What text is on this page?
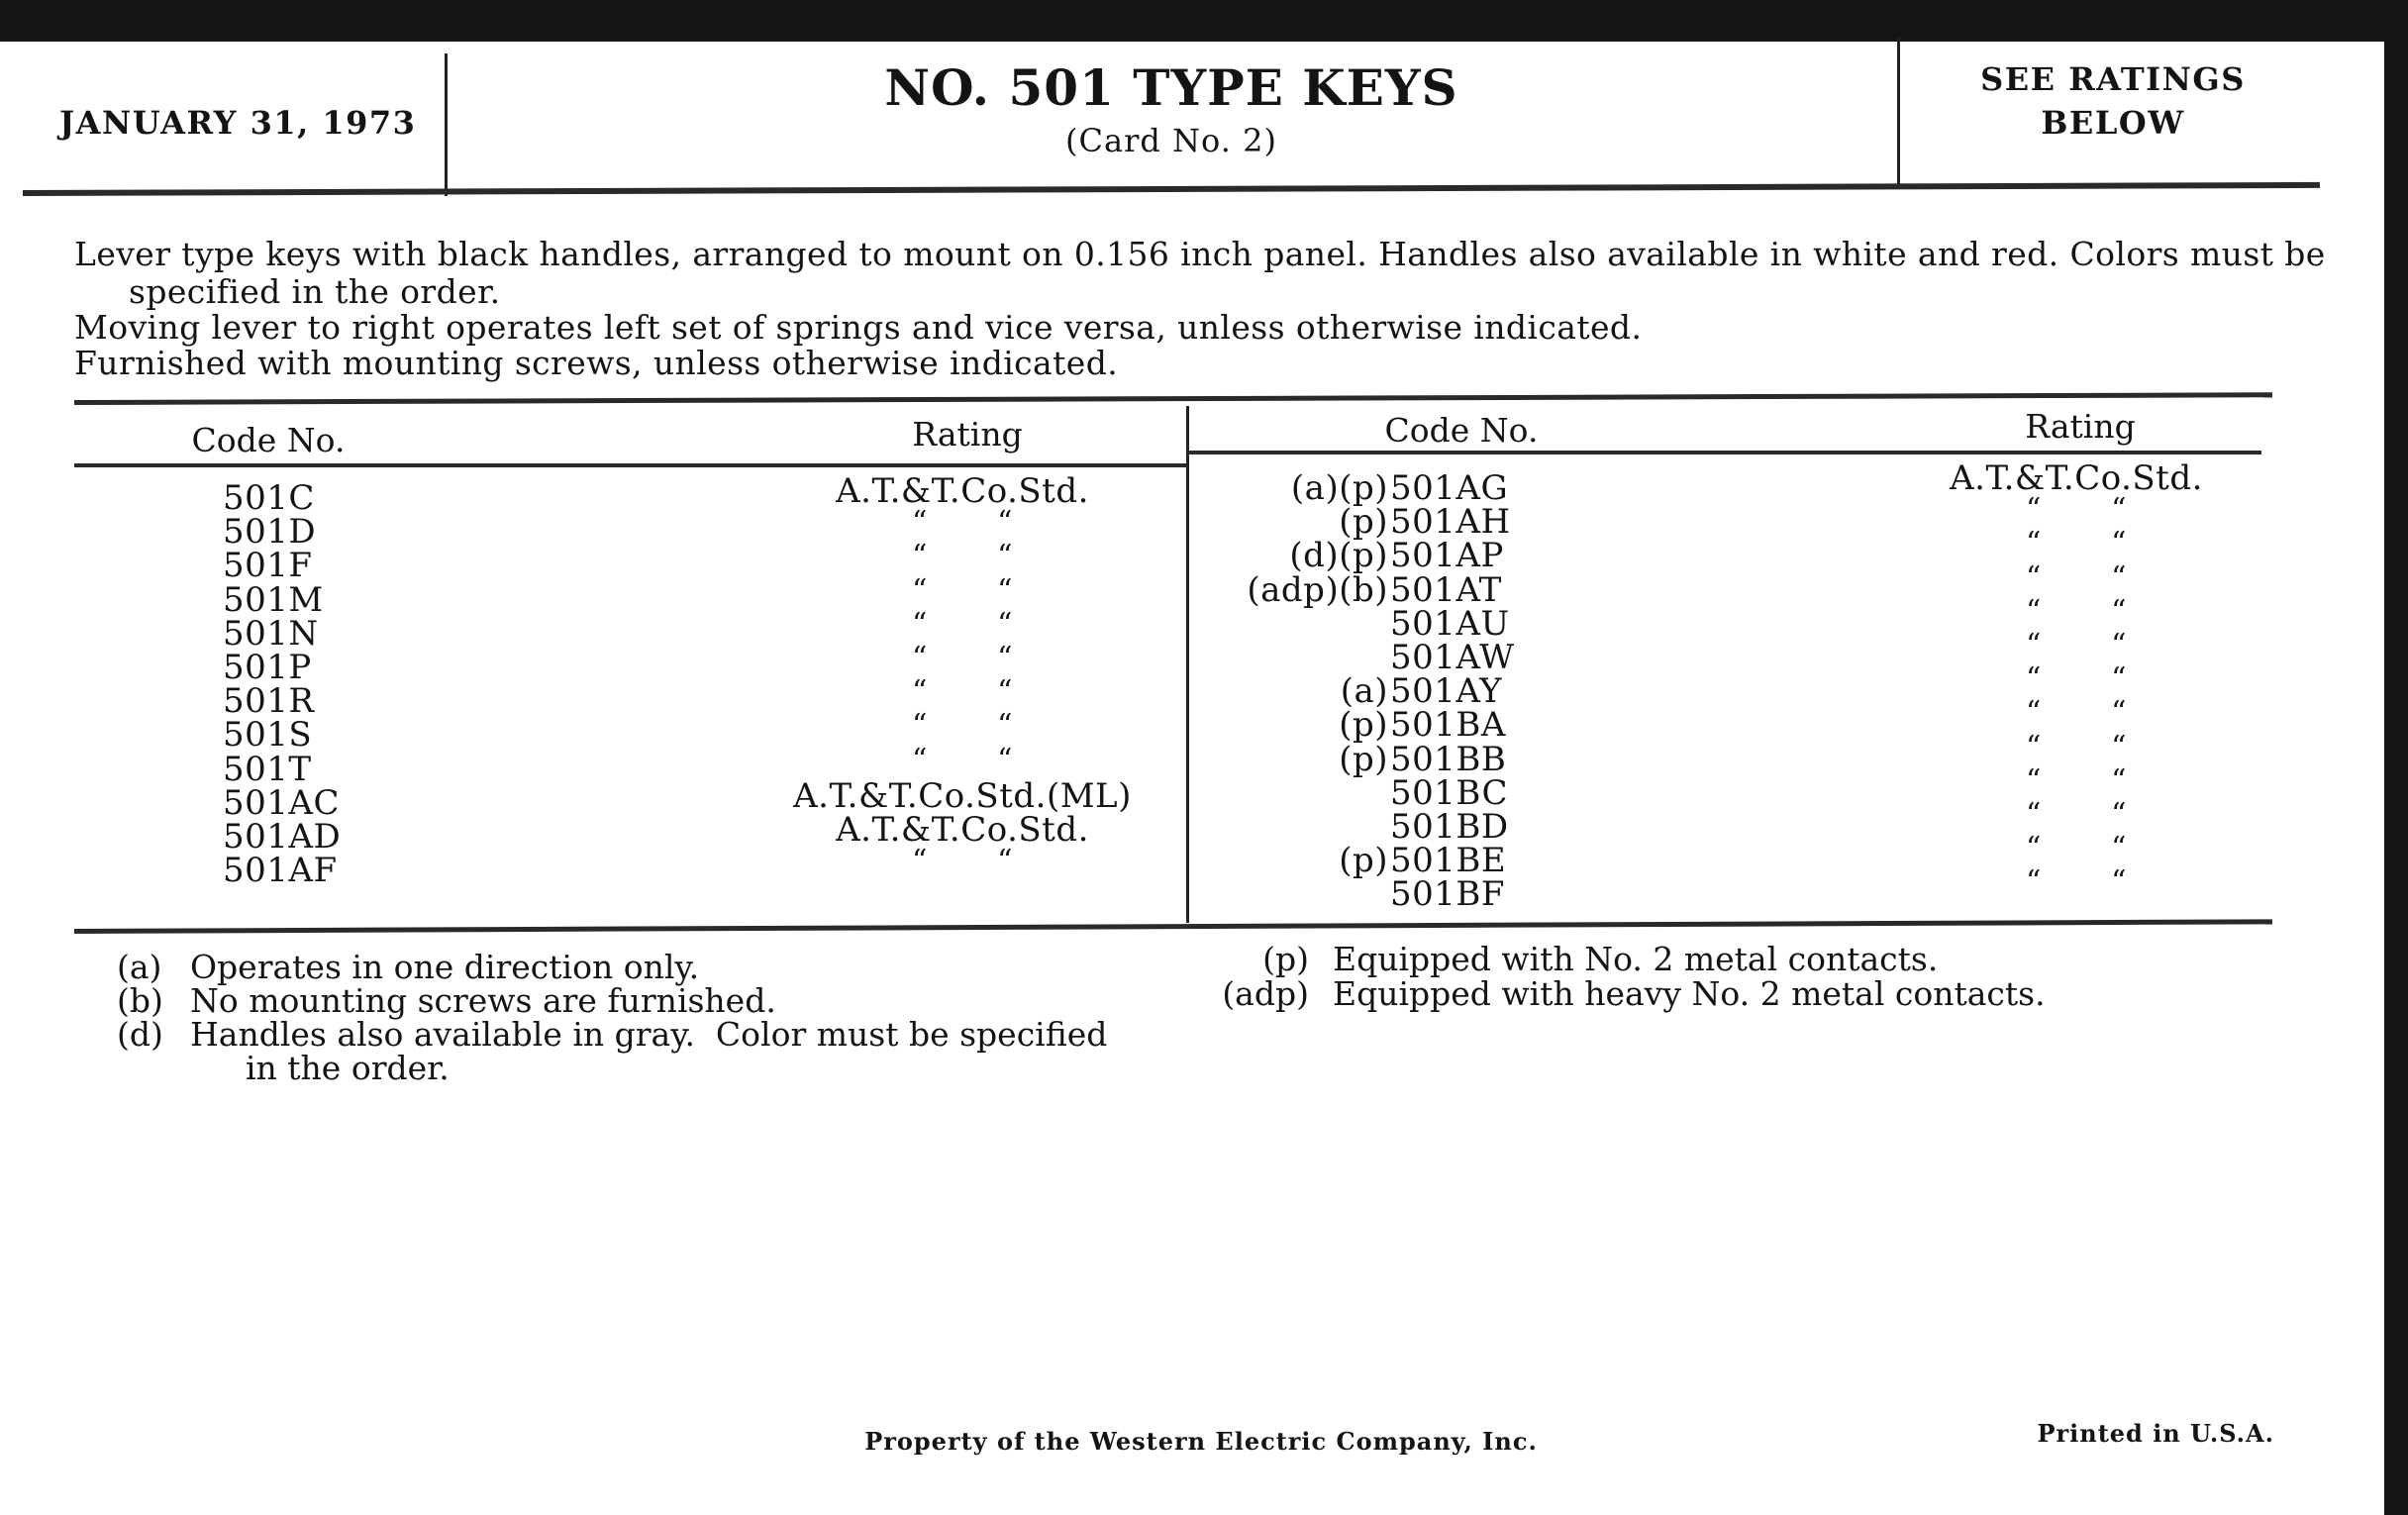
JANUARY 31, 1973
NO. 501 TYPE KEYS
(Card No. 2)
SEE RATINGS
BELOW
Lever type keys with black handles, arranged to mount on 0.156 inch panel. Handles also available in white and red. Colors must be
specified in the order.
Moving lever to right operates left set of springs and vice versa, unless otherwise indicated.
Furnished with mounting screws, unless otherwise indicated.
Code No.	Rating	Code No.	Rating
501C	A.T.&T.Co.Std.
501D	“       “
501F	“       “
501M	“       “
501N	“       “
501P	“       “
501R	“       “
501S	“       “
501T	“       “
501AC	A.T.&T.Co.Std.(ML)
501AD	A.T.&T.Co.Std.
501AF	“       “
(a)(p) 501AG	A.T.&T.Co.Std.
(p) 501AH	“       “
(d)(p) 501AP	“       “
(adp)(b) 501AT	“       “
501AU	“       “
501AW	“       “
(a) 501AY	“       “
(p) 501BA	“       “
(p) 501BB	“       “
501BC	“       “
501BD	“       “
(p) 501BE	“       “
501BF	“       “
(a) Operates in one direction only.
(b) No mounting screws are furnished.
(d) Handles also available in gray.  Color must be specified
in the order.
(p) Equipped with No. 2 metal contacts.
(adp) Equipped with heavy No. 2 metal contacts.
Property of the Western Electric Company, Inc.	Printed in U.S.A.
